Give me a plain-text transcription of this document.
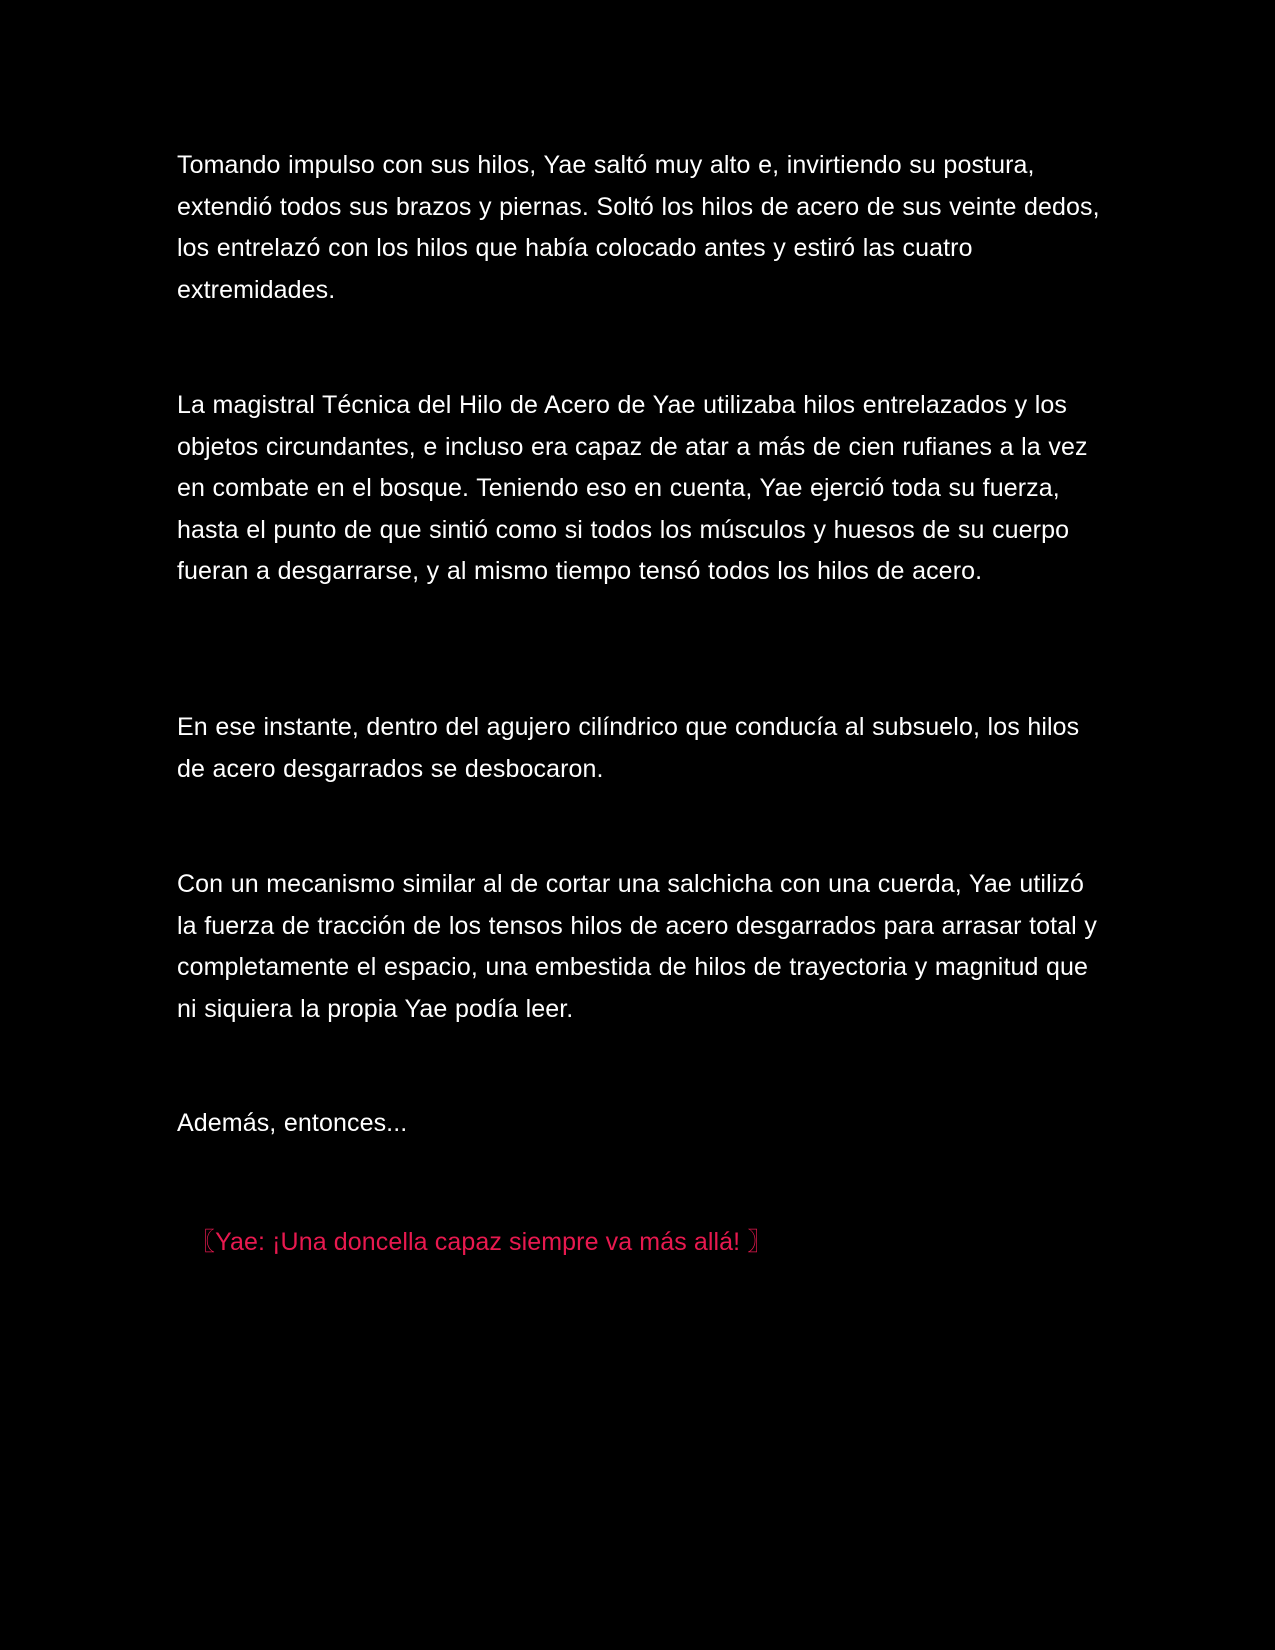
Tomando impulso con sus hilos, Yae saltó muy alto e, invirtiendo su postura, extendió todos sus brazos y piernas. Soltó los hilos de acero de sus veinte dedos, los entrelazó con los hilos que había colocado antes y estiró las cuatro extremidades.

La magistral Técnica del Hilo de Acero de Yae utilizaba hilos entrelazados y los objetos circundantes, e incluso era capaz de atar a más de cien rufianes a la vez en combate en el bosque. Teniendo eso en cuenta, Yae ejerció toda su fuerza, hasta el punto de que sintió como si todos los músculos y huesos de su cuerpo fueran a desgarrarse, y al mismo tiempo tensó todos los hilos de acero.

En ese instante, dentro del agujero cilíndrico que conducía al subsuelo, los hilos de acero desgarrados se desbocaron.

Con un mecanismo similar al de cortar una salchicha con una cuerda, Yae utilizó la fuerza de tracción de los tensos hilos de acero desgarrados para arrasar total y completamente el espacio, una embestida de hilos de trayectoria y magnitud que ni siquiera la propia Yae podía leer.

Además, entonces...

〖Yae: ¡Una doncella capaz siempre va más allá! 〗
